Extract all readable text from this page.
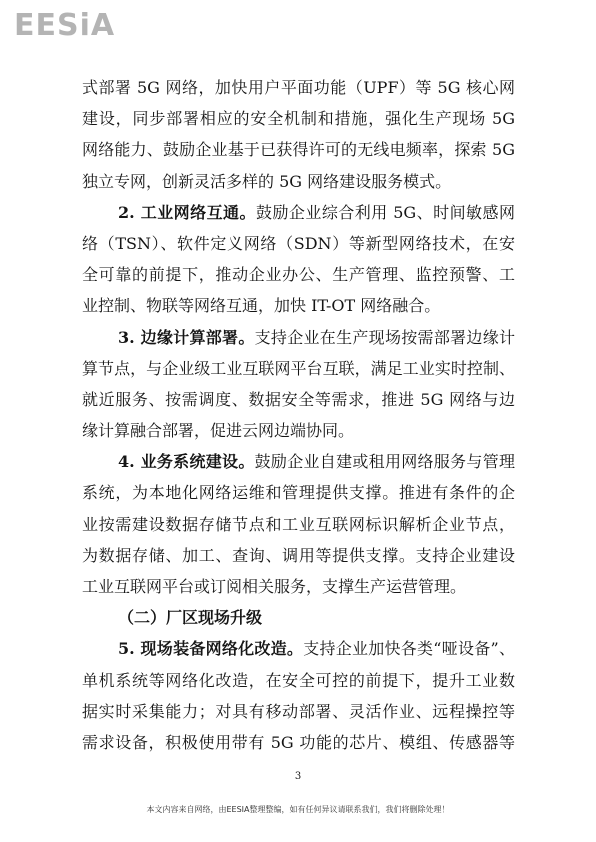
EESiA
式部署 5G 网络，加快用户平面功能（UPF）等 5G 核心网
建设，同步部署相应的安全机制和措施，强化生产现场 5G
网络能力、鼓励企业基于已获得许可的无线电频率，探索 5G
独立专网，创新灵活多样的 5G 网络建设服务模式。
2. 工业网络互通。鼓励企业综合利用 5G、时间敏感网
络（TSN）、软件定义网络（SDN）等新型网络技术，在安
全可靠的前提下，推动企业办公、生产管理、监控预警、工
业控制、物联等网络互通，加快 IT-OT 网络融合。
3. 边缘计算部署。支持企业在生产现场按需部署边缘计
算节点，与企业级工业互联网平台互联，满足工业实时控制、
就近服务、按需调度、数据安全等需求，推进 5G 网络与边
缘计算融合部署，促进云网边端协同。
4. 业务系统建设。鼓励企业自建或租用网络服务与管理
系统，为本地化网络运维和管理提供支撑。推进有条件的企
业按需建设数据存储节点和工业互联网标识解析企业节点，
为数据存储、加工、查询、调用等提供支撑。支持企业建设
工业互联网平台或订阅相关服务，支撑生产运营管理。
（二）厂区现场升级
5. 现场装备网络化改造。支持企业加快各类“哑设备”、
单机系统等网络化改造，在安全可控的前提下，提升工业数
据实时采集能力；对具有移动部署、灵活作业、远程操控等
需求设备，积极使用带有 5G 功能的芯片、模组、传感器等
3
本文内容来自网络，由EESIA整理整编，如有任何异议请联系我们，我们将删除处理！
